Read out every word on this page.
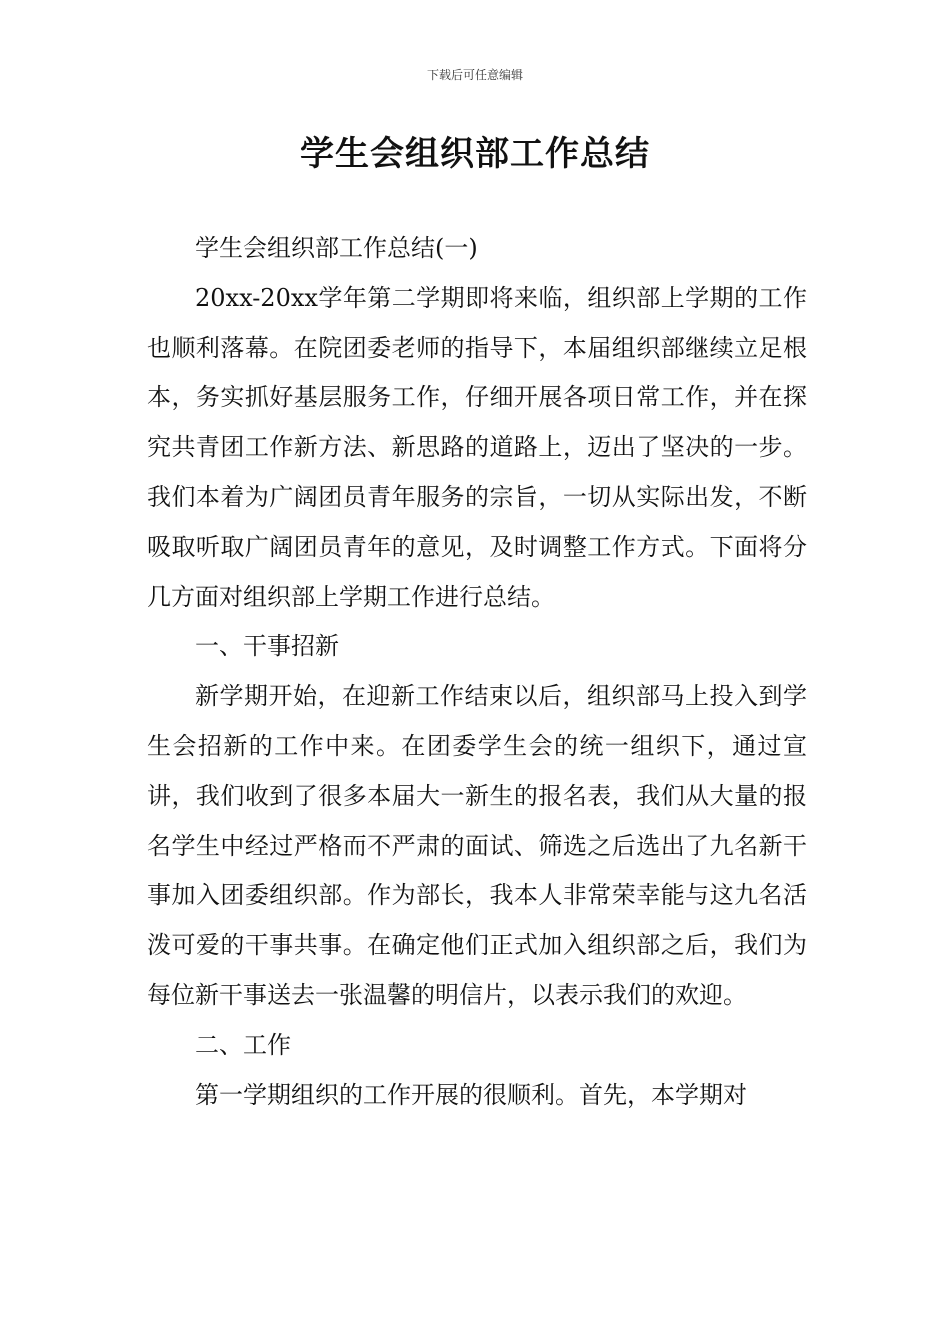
下载后可任意编辑
学生会组织部工作总结

学生会组织部工作总结(一)

20xx-20xx学年第二学期即将来临，组织部上学期的工作也顺利落幕。在院团委老师的指导下，本届组织部继续立足根本，务实抓好基层服务工作，仔细开展各项日常工作，并在探究共青团工作新方法、新思路的道路上，迈出了坚决的一步。我们本着为广阔团员青年服务的宗旨，一切从实际出发，不断吸取听取广阔团员青年的意见，及时调整工作方式。下面将分几方面对组织部上学期工作进行总结。

一、干事招新

新学期开始，在迎新工作结束以后，组织部马上投入到学生会招新的工作中来。在团委学生会的统一组织下，通过宣讲，我们收到了很多本届大一新生的报名表，我们从大量的报名学生中经过严格而不严肃的面试、筛选之后选出了九名新干事加入团委组织部。作为部长，我本人非常荣幸能与这九名活泼可爱的干事共事。在确定他们正式加入组织部之后，我们为每位新干事送去一张温馨的明信片，以表示我们的欢迎。

二、工作

第一学期组织的工作开展的很顺利。首先，本学期对
